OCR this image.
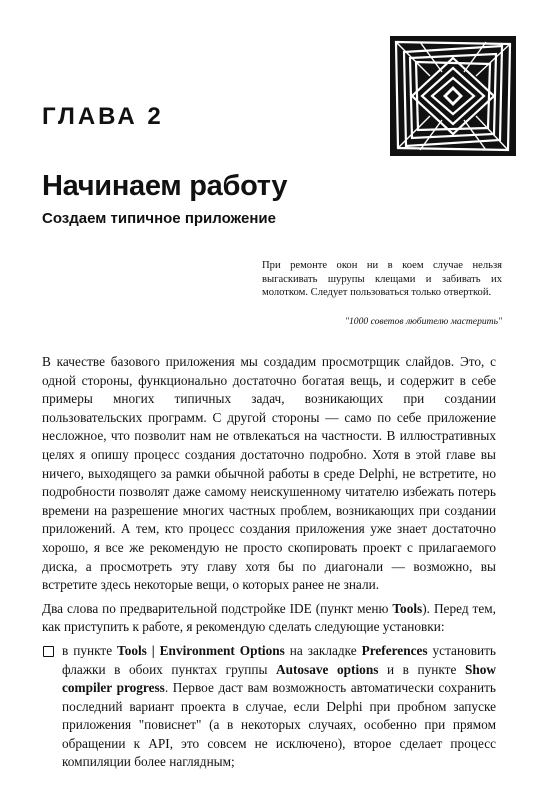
ГЛАВА 2
Начинаем работу
Создаем типичное приложение
При ремонте окон ни в коем случае нельзя выгаскивать шурупы клещами и забивать их молотком. Следует пользоваться только отверткой.
"1000 советов любителю мастерить"

В качестве базового приложения мы создадим просмотрщик слайдов. Это, с одной стороны, функционально достаточно богатая вещь, и содержит в себе примеры многих типичных задач, возникающих при создании пользовательских программ. С другой стороны — само по себе приложение несложное, что позволит нам не отвлекаться на частности. В иллюстративных целях я опишу процесс создания достаточно подробно. Хотя в этой главе вы ничего, выходящего за рамки обычной работы в среде Delphi, не встретите, но подробности позволят даже самому неискушенному читателю избежать потерь времени на разрешение многих частных проблем, возникающих при создании приложений. А тем, кто процесс создания приложения уже знает достаточно хорошо, я все же рекомендую не просто скопировать проект с прилагаемого диска, а просмотреть эту главу хотя бы по диагонали — возможно, вы встретите здесь некоторые вещи, о которых ранее не знали.

Два слова по предварительной подстройке IDE (пункт меню Tools). Перед тем, как приступить к работе, я рекомендую сделать следующие установки:

в пункте Tools | Environment Options на закладке Preferences установить флажки в обоих пунктах группы Autosave options и в пункте Show compiler progress. Первое даст вам возможность автоматически сохранить последний вариант проекта в случае, если Delphi при пробном запуске приложения "повиснет" (а в некоторых случаях, особенно при прямом обращении к API, это совсем не исключено), второе сделает процесс компиляции более наглядным;
